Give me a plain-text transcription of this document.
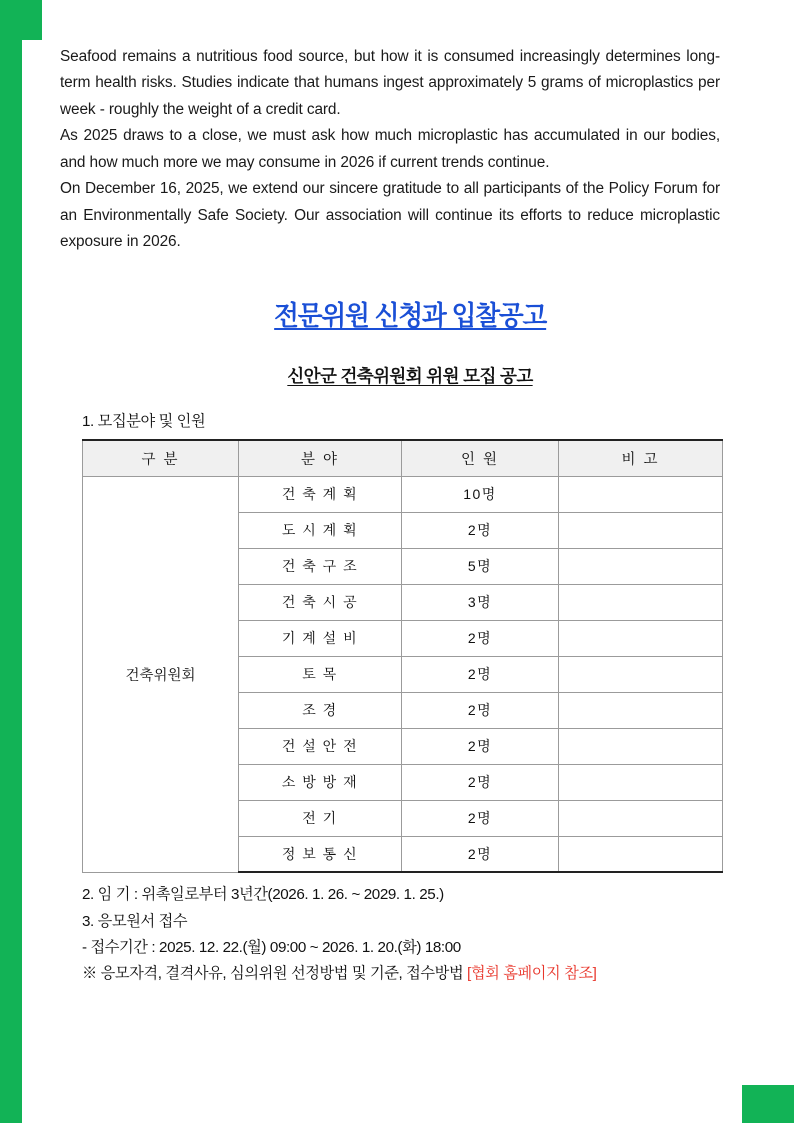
Seafood remains a nutritious food source, but how it is consumed increasingly determines long-term health risks. Studies indicate that humans ingest approximately 5 grams of microplastics per week - roughly the weight of a credit card.

As 2025 draws to a close, we must ask how much microplastic has accumulated in our bodies, and how much more we may consume in 2026 if current trends continue.

On December 16, 2025, we extend our sincere gratitude to all participants of the Policy Forum for an Environmentally Safe Society. Our association will continue its efforts to reduce microplastic exposure in 2026.

전문위원 신청과 입찰공고
신안군 건축위원회 위원 모집 공고
1. 모집분야 및 인원
구 분	분 야	인 원	비 고
건축위원회	건 축 계 획	10명	
	도 시 계 획	2명	
	건 축 구 조	5명	
	건 축 시 공	3명	
	기 계 설 비	2명	
	토 목	2명	
	조 경	2명	
	건 설 안 전	2명	
	소 방 방 재	2명	
	전 기	2명	
	정 보 통 신	2명	
2. 임 기 : 위촉일로부터 3년간(2026. 1. 26. ~ 2029. 1. 25.)
3. 응모원서 접수
- 접수기간 : 2025. 12. 22.(월) 09:00 ~ 2026. 1. 20.(화) 18:00
※ 응모자격, 결격사유, 심의위원 선정방법 및 기준, 접수방법 [협회 홈페이지 참조]
